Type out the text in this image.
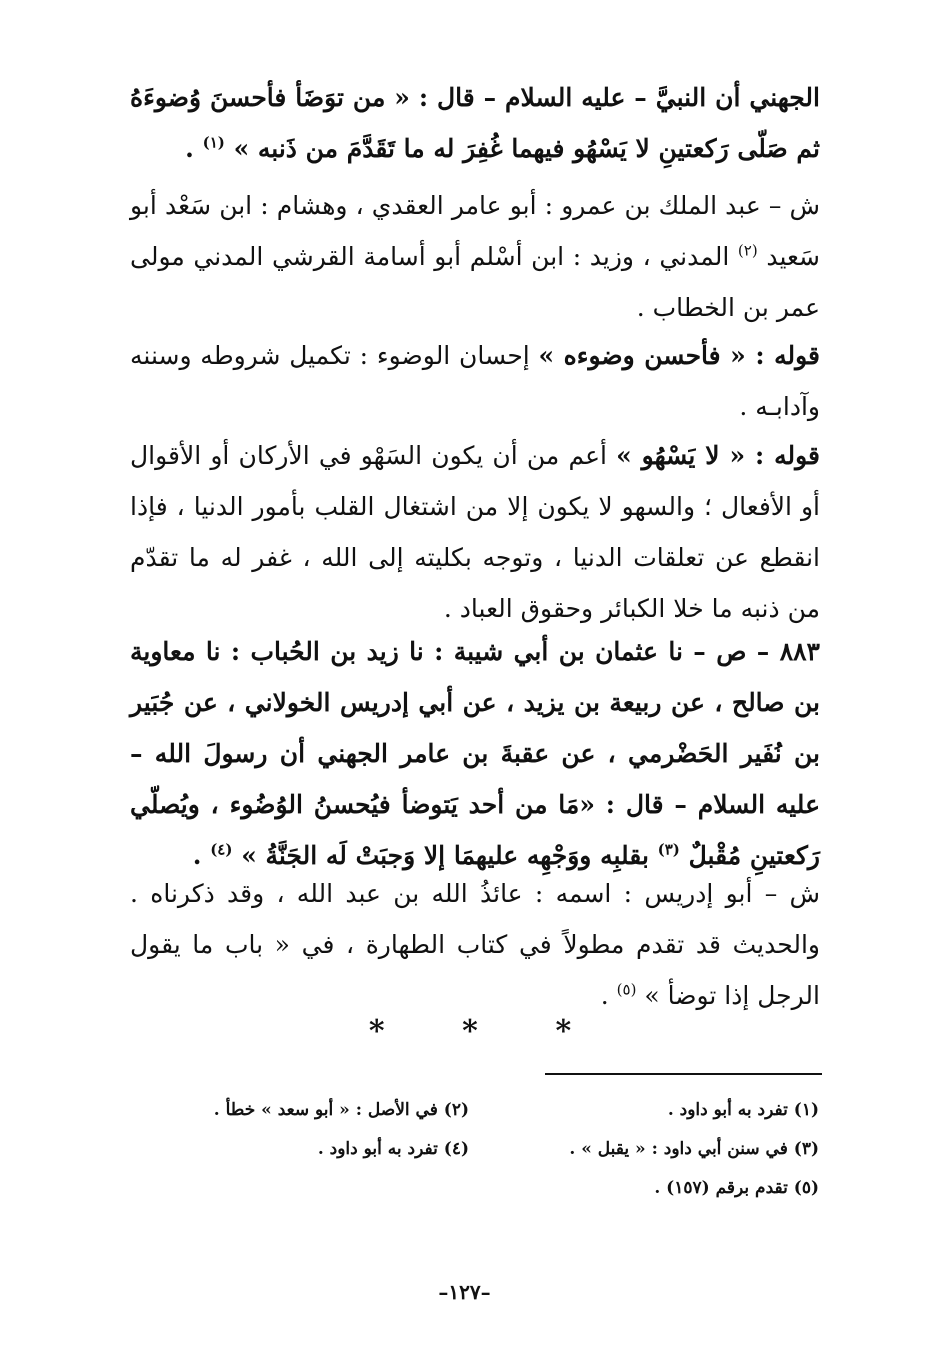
الجهني أن النبيَّ – عليه السلام – قال : « من توَضَأ فأحسنَ وُضوءَهُ ثم صَلّى رَكعتينِ لا يَسْهُو فيهما غُفِرَ له ما تَقَدَّمَ من ذَنبه » $^{(١)}$ .
ش – عبد الملك بن عمرو : أبو عامر العقدي ، وهشام : ابن سَعْد أبو سَعيد $^{(٢)}$ المدني ، وزيد : ابن أسْلم أبو أسامة القرشي المدني مولى عمر بن الخطاب .
قوله : « فأحسن وضوءه » إحسان الوضوء : تكميل شروطه وسننه وآدابـه .
قوله : « لا يَسْهُو » أعم من أن يكون السَهْو في الأركان أو الأقوال أو الأفعال ؛ والسهو لا يكون إلا من اشتغال القلب بأمور الدنيا ، فإذا انقطع عن تعلقات الدنيا ، وتوجه بكليته إلى الله ، غفر له ما تقدّم من ذنبه ما خلا الكبائر وحقوق العباد .
٨٨٣ – ص – نا عثمان بن أبي شيبة : نا زيد بن الحُباب : نا معاوية بن صالح ، عن ربيعة بن يزيد ، عن أبي إدريس الخولاني ، عن جُبَير بن نُفَير الحَضْرمي ، عن عقبةَ بن عامر الجهني أن رسولَ الله – عليه السلام – قال : «مَا من أحد يَتوضأ فيُحسنُ الوُضُوء ، ويُصلّي رَكعتينِ مُقْبلٌ $^{(٣)}$ بقلبِه ووَجْهِه عليهمَا إلا وَجبَتْ لَه الجَنَّةُ » $^{(٤)}$ .
ش – أبو إدريس : اسمه : عائذُ الله بن عبد الله ، وقد ذكرناه . والحديث قد تقدم مطولاً في كتاب الطهارة ، في « باب ما يقول الرجل إذا توضأ » $^{(٥)}$ .
*	*	*
(١) تفرد به أبو داود .
(٢) في الأصل : « أبو سعد » خطأ .
(٣) في سنن أبي داود : « يقبل » .
(٤) تفرد به أبو داود .
(٥) تقدم برقم (١٥٧) .
–١٢٧–
